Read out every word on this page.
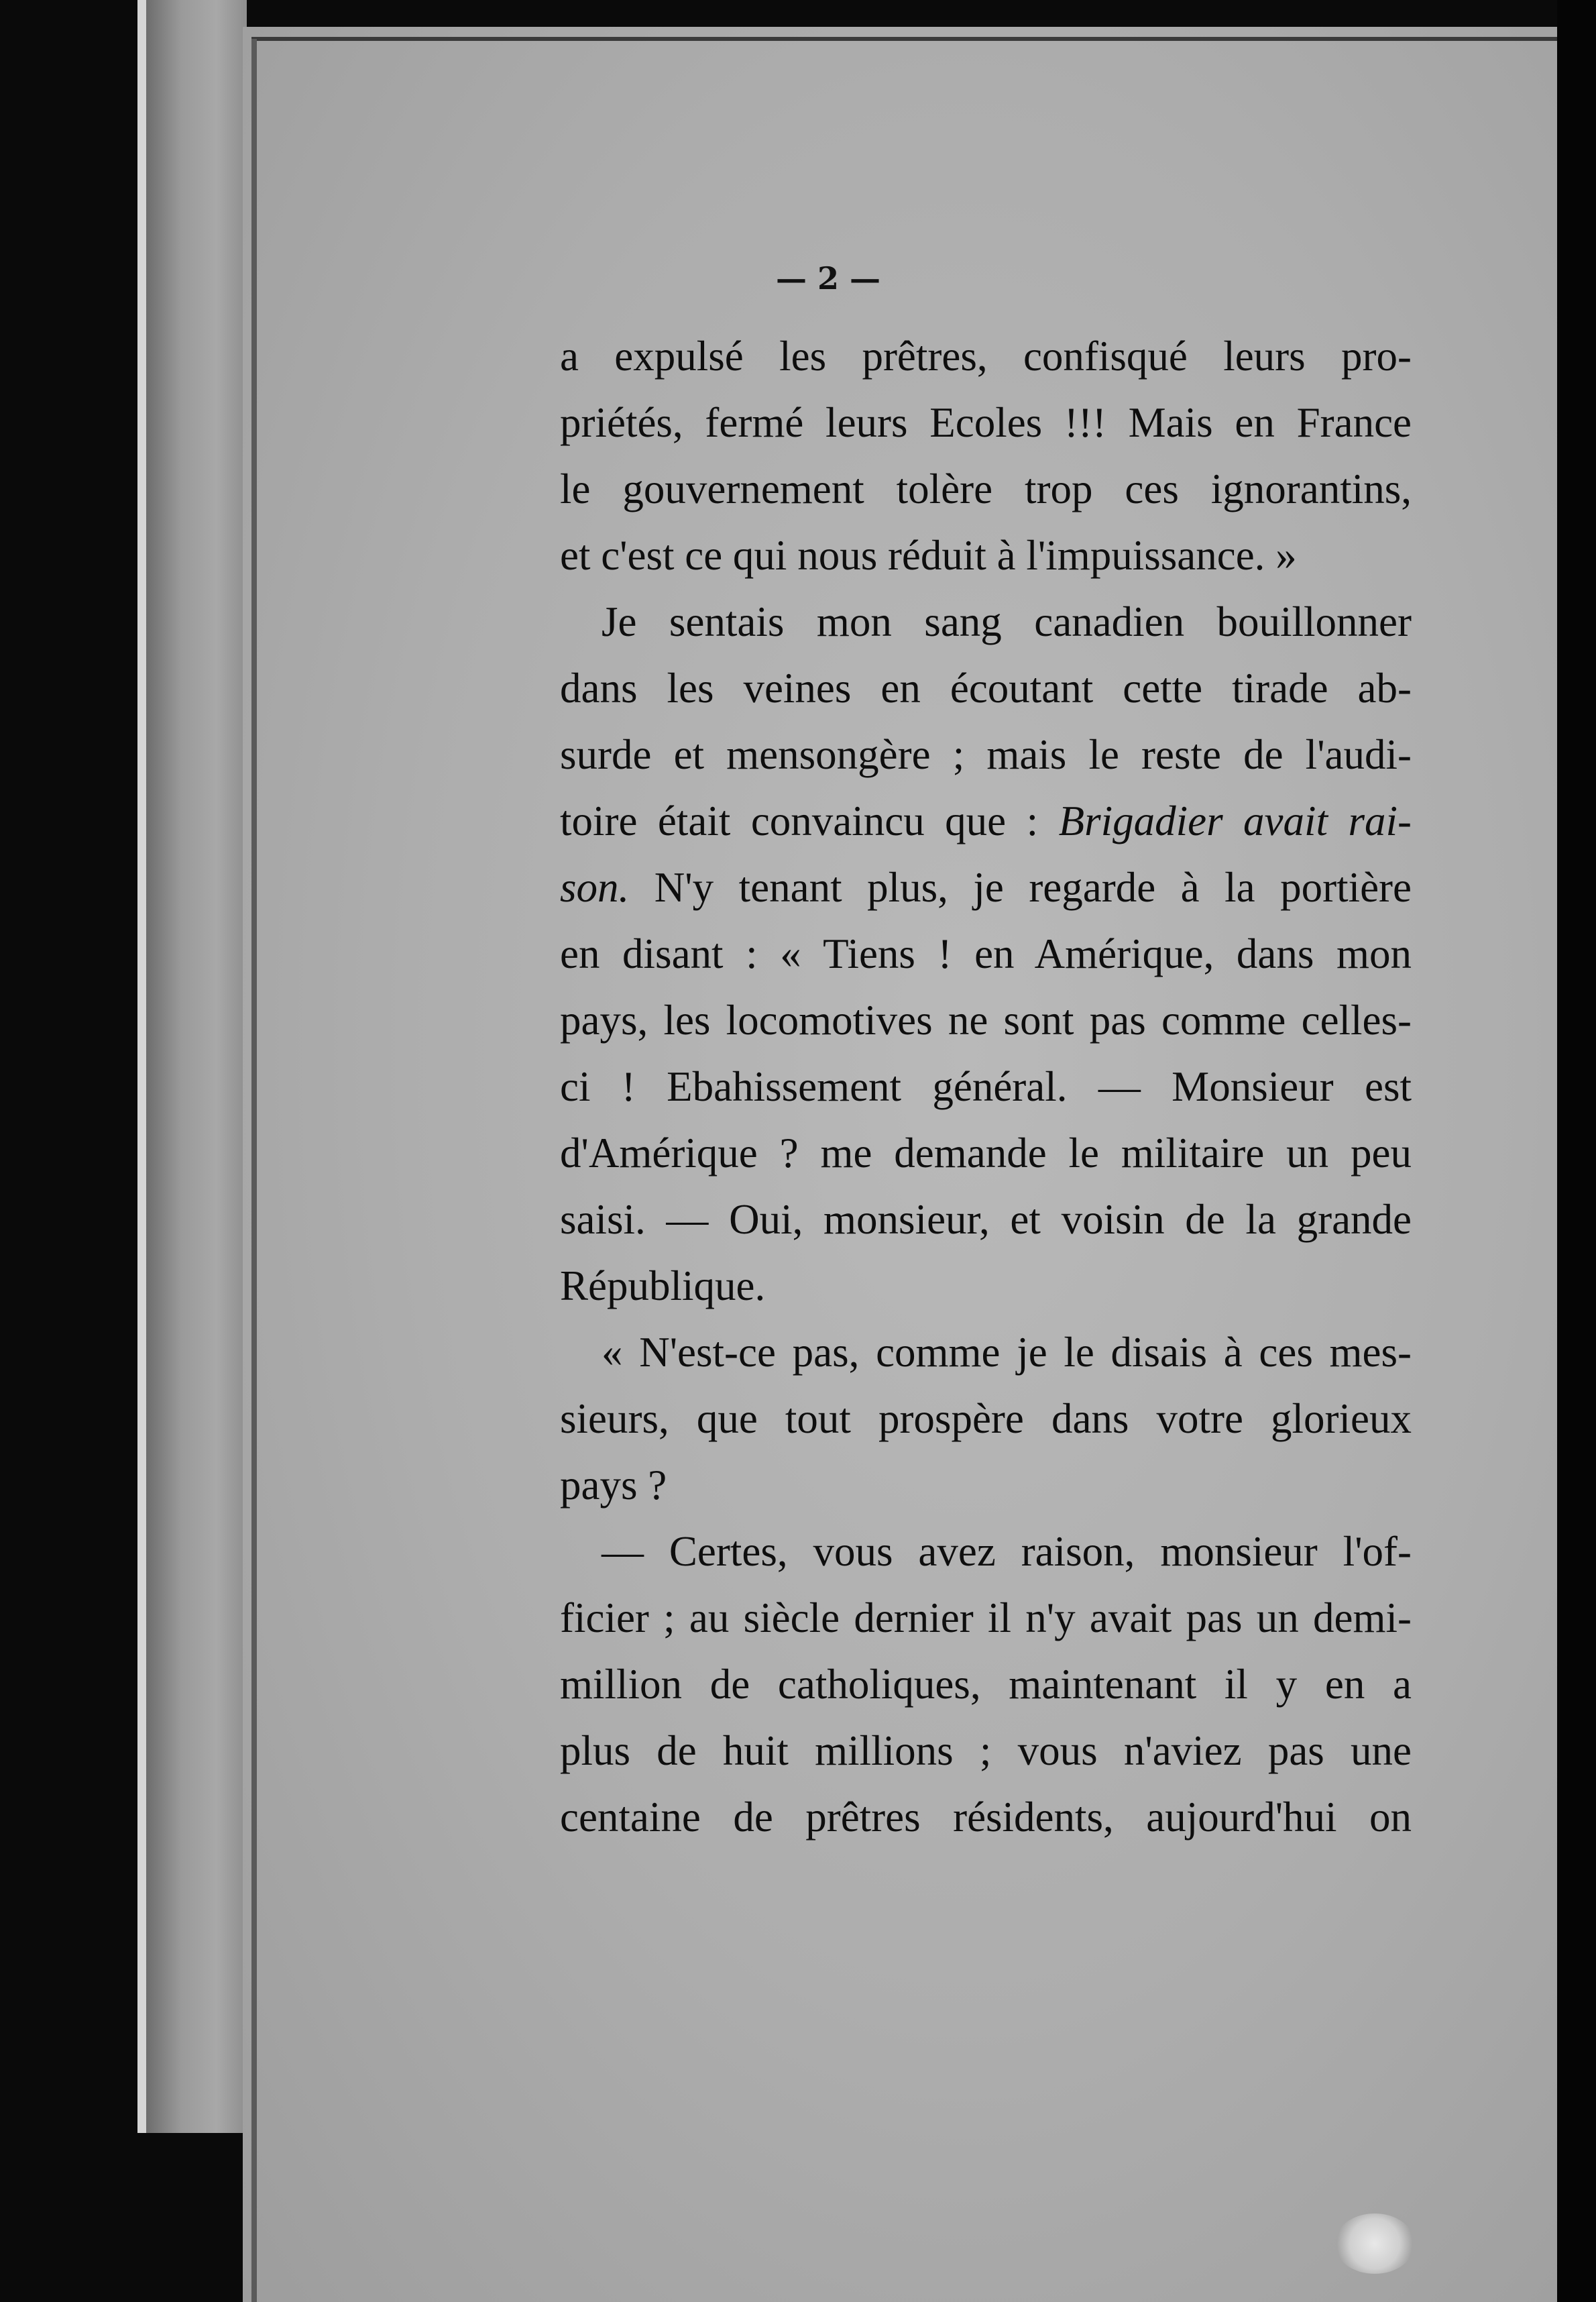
— 2 —
a expulsé les prêtres, confisqué leurs pro-
priétés, fermé leurs Ecoles !!! Mais en France
le gouvernement tolère trop ces ignorantins,
et c'est ce qui nous réduit à l'impuissance. »
Je sentais mon sang canadien bouillonner
dans les veines en écoutant cette tirade ab-
surde et mensongère ; mais le reste de l'audi-
toire était convaincu que : Brigadier avait rai-
son. N'y tenant plus, je regarde à la portière
en disant : « Tiens ! en Amérique, dans mon
pays, les locomotives ne sont pas comme celles-
ci ! Ebahissement général. — Monsieur est
d'Amérique ? me demande le militaire un peu
saisi. — Oui, monsieur, et voisin de la grande
République.
« N'est-ce pas, comme je le disais à ces mes-
sieurs, que tout prospère dans votre glorieux
pays ?
— Certes, vous avez raison, monsieur l'of-
ficier ; au siècle dernier il n'y avait pas un demi-
million de catholiques, maintenant il y en a
plus de huit millions ; vous n'aviez pas une
centaine de prêtres résidents, aujourd'hui on
